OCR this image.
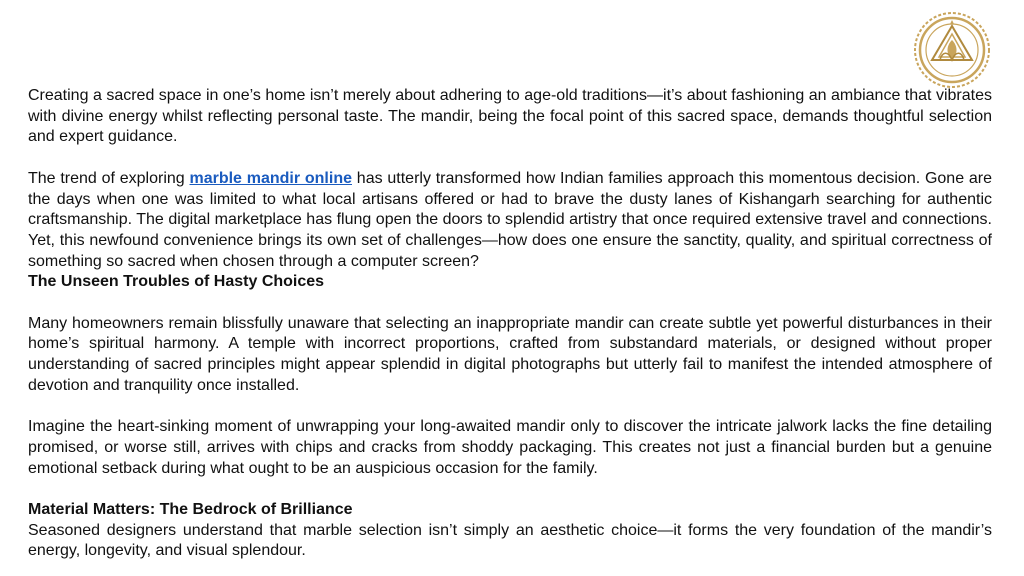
Creating a sacred space in one’s home isn’t merely about adhering to age-old traditions—it’s about fashioning an ambiance that vibrates with divine energy whilst reflecting personal taste. The mandir, being the focal point of this sacred space, demands thoughtful selection and expert guidance.

The trend of exploring marble mandir online has utterly transformed how Indian families approach this momentous decision. Gone are the days when one was limited to what local artisans offered or had to brave the dusty lanes of Kishangarh searching for authentic craftsmanship. The digital marketplace has flung open the doors to splendid artistry that once required extensive travel and connections. Yet, this newfound convenience brings its own set of challenges—how does one ensure the sanctity, quality, and spiritual correctness of something so sacred when chosen through a computer screen?

The Unseen Troubles of Hasty Choices

Many homeowners remain blissfully unaware that selecting an inappropriate mandir can create subtle yet powerful disturbances in their home’s spiritual harmony. A temple with incorrect proportions, crafted from substandard materials, or designed without proper understanding of sacred principles might appear splendid in digital photographs but utterly fail to manifest the intended atmosphere of devotion and tranquility once installed.

Imagine the heart-sinking moment of unwrapping your long-awaited mandir only to discover the intricate jalwork lacks the fine detailing promised, or worse still, arrives with chips and cracks from shoddy packaging. This creates not just a financial burden but a genuine emotional setback during what ought to be an auspicious occasion for the family.

Material Matters: The Bedrock of Brilliance

Seasoned designers understand that marble selection isn’t simply an aesthetic choice—it forms the very foundation of the mandir’s energy, longevity, and visual splendour.
